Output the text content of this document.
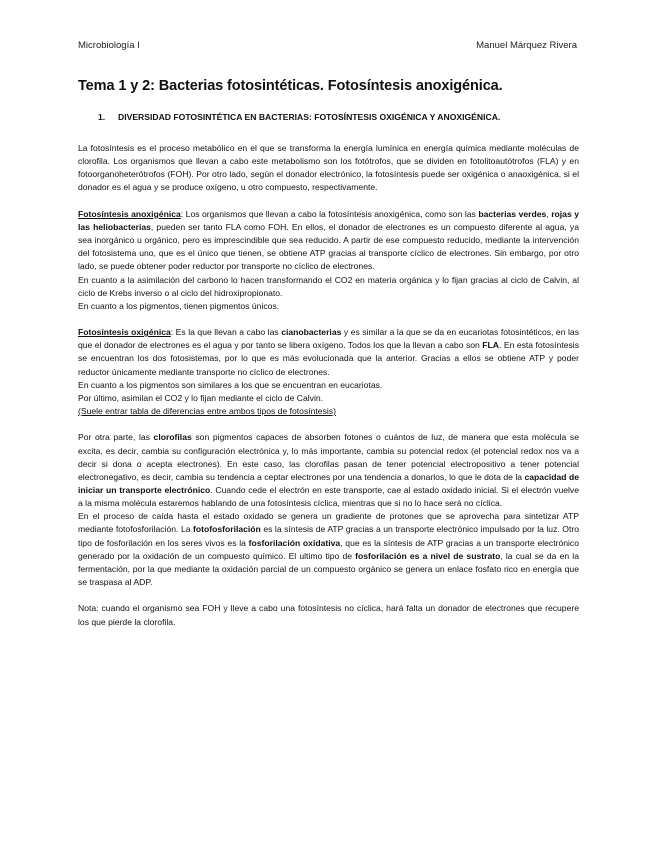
Microbiología I	Manuel Márquez Rivera
Tema 1 y 2: Bacterias fotosintéticas. Fotosíntesis anoxigénica.
1. DIVERSIDAD FOTOSINTÉTICA EN BACTERIAS: FOTOSÍNTESIS OXIGÉNICA Y ANOXIGÉNICA.

La fotosíntesis es el proceso metabólico en el que se transforma la energía lumínica en energía química mediante moléculas de clorofila. Los organismos que llevan a cabo este metabolismo son los fotótrofos, que se dividen en fotolitoautótrofos (FLA) y en fotoorganoheterótrofos (FOH). Por otro lado, según el donador electrónico, la fotosíntesis puede ser oxigénica o anaoxigénica, si el donador es el agua y se produce oxígeno, u otro compuesto, respectivamente.

Fotosíntesis anoxigénica: Los organismos que llevan a cabo la fotosíntesis anoxigénica, como son las bacterias verdes, rojas y las heliobacterias, pueden ser tanto FLA como FOH. En ellos, el donador de electrones es un compuesto diferente al agua, ya sea inorgánico u orgánico, pero es imprescindible que sea reducido. A partir de ese compuesto reducido, mediante la intervención del fotosistema uno, que es el único que tienen, se obtiene ATP gracias al transporte cíclico de electrones. Sin embargo, por otro lado, se puede obtener poder reductor por transporte no cíclico de electrones.

En cuanto a la asimilación del carbono lo hacen transformando el CO2 en materia orgánica y lo fijan gracias al ciclo de Calvin, al ciclo de Krebs inverso o al ciclo del hidroxipropionato.

En cuanto a los pigmentos, tienen pigmentos únicos.

Fotosíntesis oxigénica: Es la que llevan a cabo las cianobacterias y es similar a la que se da en eucariotas fotosintéticos, en las que el donador de electrones es el agua y por tanto se libera oxígeno. Todos los que la llevan a cabo son FLA. En esta fotosíntesis se encuentran los dos fotosistemas, por lo que es más evolucionada que la anterior. Gracias a ellos se obtiene ATP y poder reductor únicamente mediante transporte no cíclico de electrones.

En cuanto a los pigmentos son similares a los que se encuentran en eucariotas.

Por último, asimilan el CO2 y lo fijan mediante el ciclo de Calvin.

(Suele entrar tabla de diferencias entre ambos tipos de fotosíntesis)

Por otra parte, las clorofilas son pigmentos capaces de absorben fotones o cuántos de luz, de manera que esta molécula se excita, es decir, cambia su configuración electrónica y, lo más importante, cambia su potencial redox (el potencial redox nos va a decir si dona o acepta electrones). En este caso, las clorofilas pasan de tener potencial electropositivo a tener potencial electronegativo, es decir, cambia su tendencia a ceptar electrones por una tendencia a donarlos, lo que le dota de la capacidad de iniciar un transporte electrónico. Cuando cede el electrón en este transporte, cae al estado oxidado inicial. Si el electrón vuelve a la misma molécula estaremos hablando de una fotosíntesis cíclica, mientras que si no lo hace será no cíclica.

En el proceso de caída hasta el estado oxidado se genera un gradiente de protones que se aprovecha para sintetizar ATP mediante fotofosforilación. La fotofosforilación es la síntesis de ATP gracias a un transporte electrónico impulsado por la luz. Otro tipo de fosforilación en los seres vivos es la fosforilación oxidativa, que es la síntesis de ATP gracias a un transporte electrónico generado por la oxidación de un compuesto químico. El ultimo tipo de fosforilación es a nivel de sustrato, la cual se da en la fermentación, por la que mediante la oxidación parcial de un compuesto orgánico se genera un enlace fosfato rico en energía que se traspasa al ADP.

Nota: cuando el organismo sea FOH y lleve a cabo una fotosíntesis no cíclica, hará falta un donador de electrones que recupere los que pierde la clorofila.
